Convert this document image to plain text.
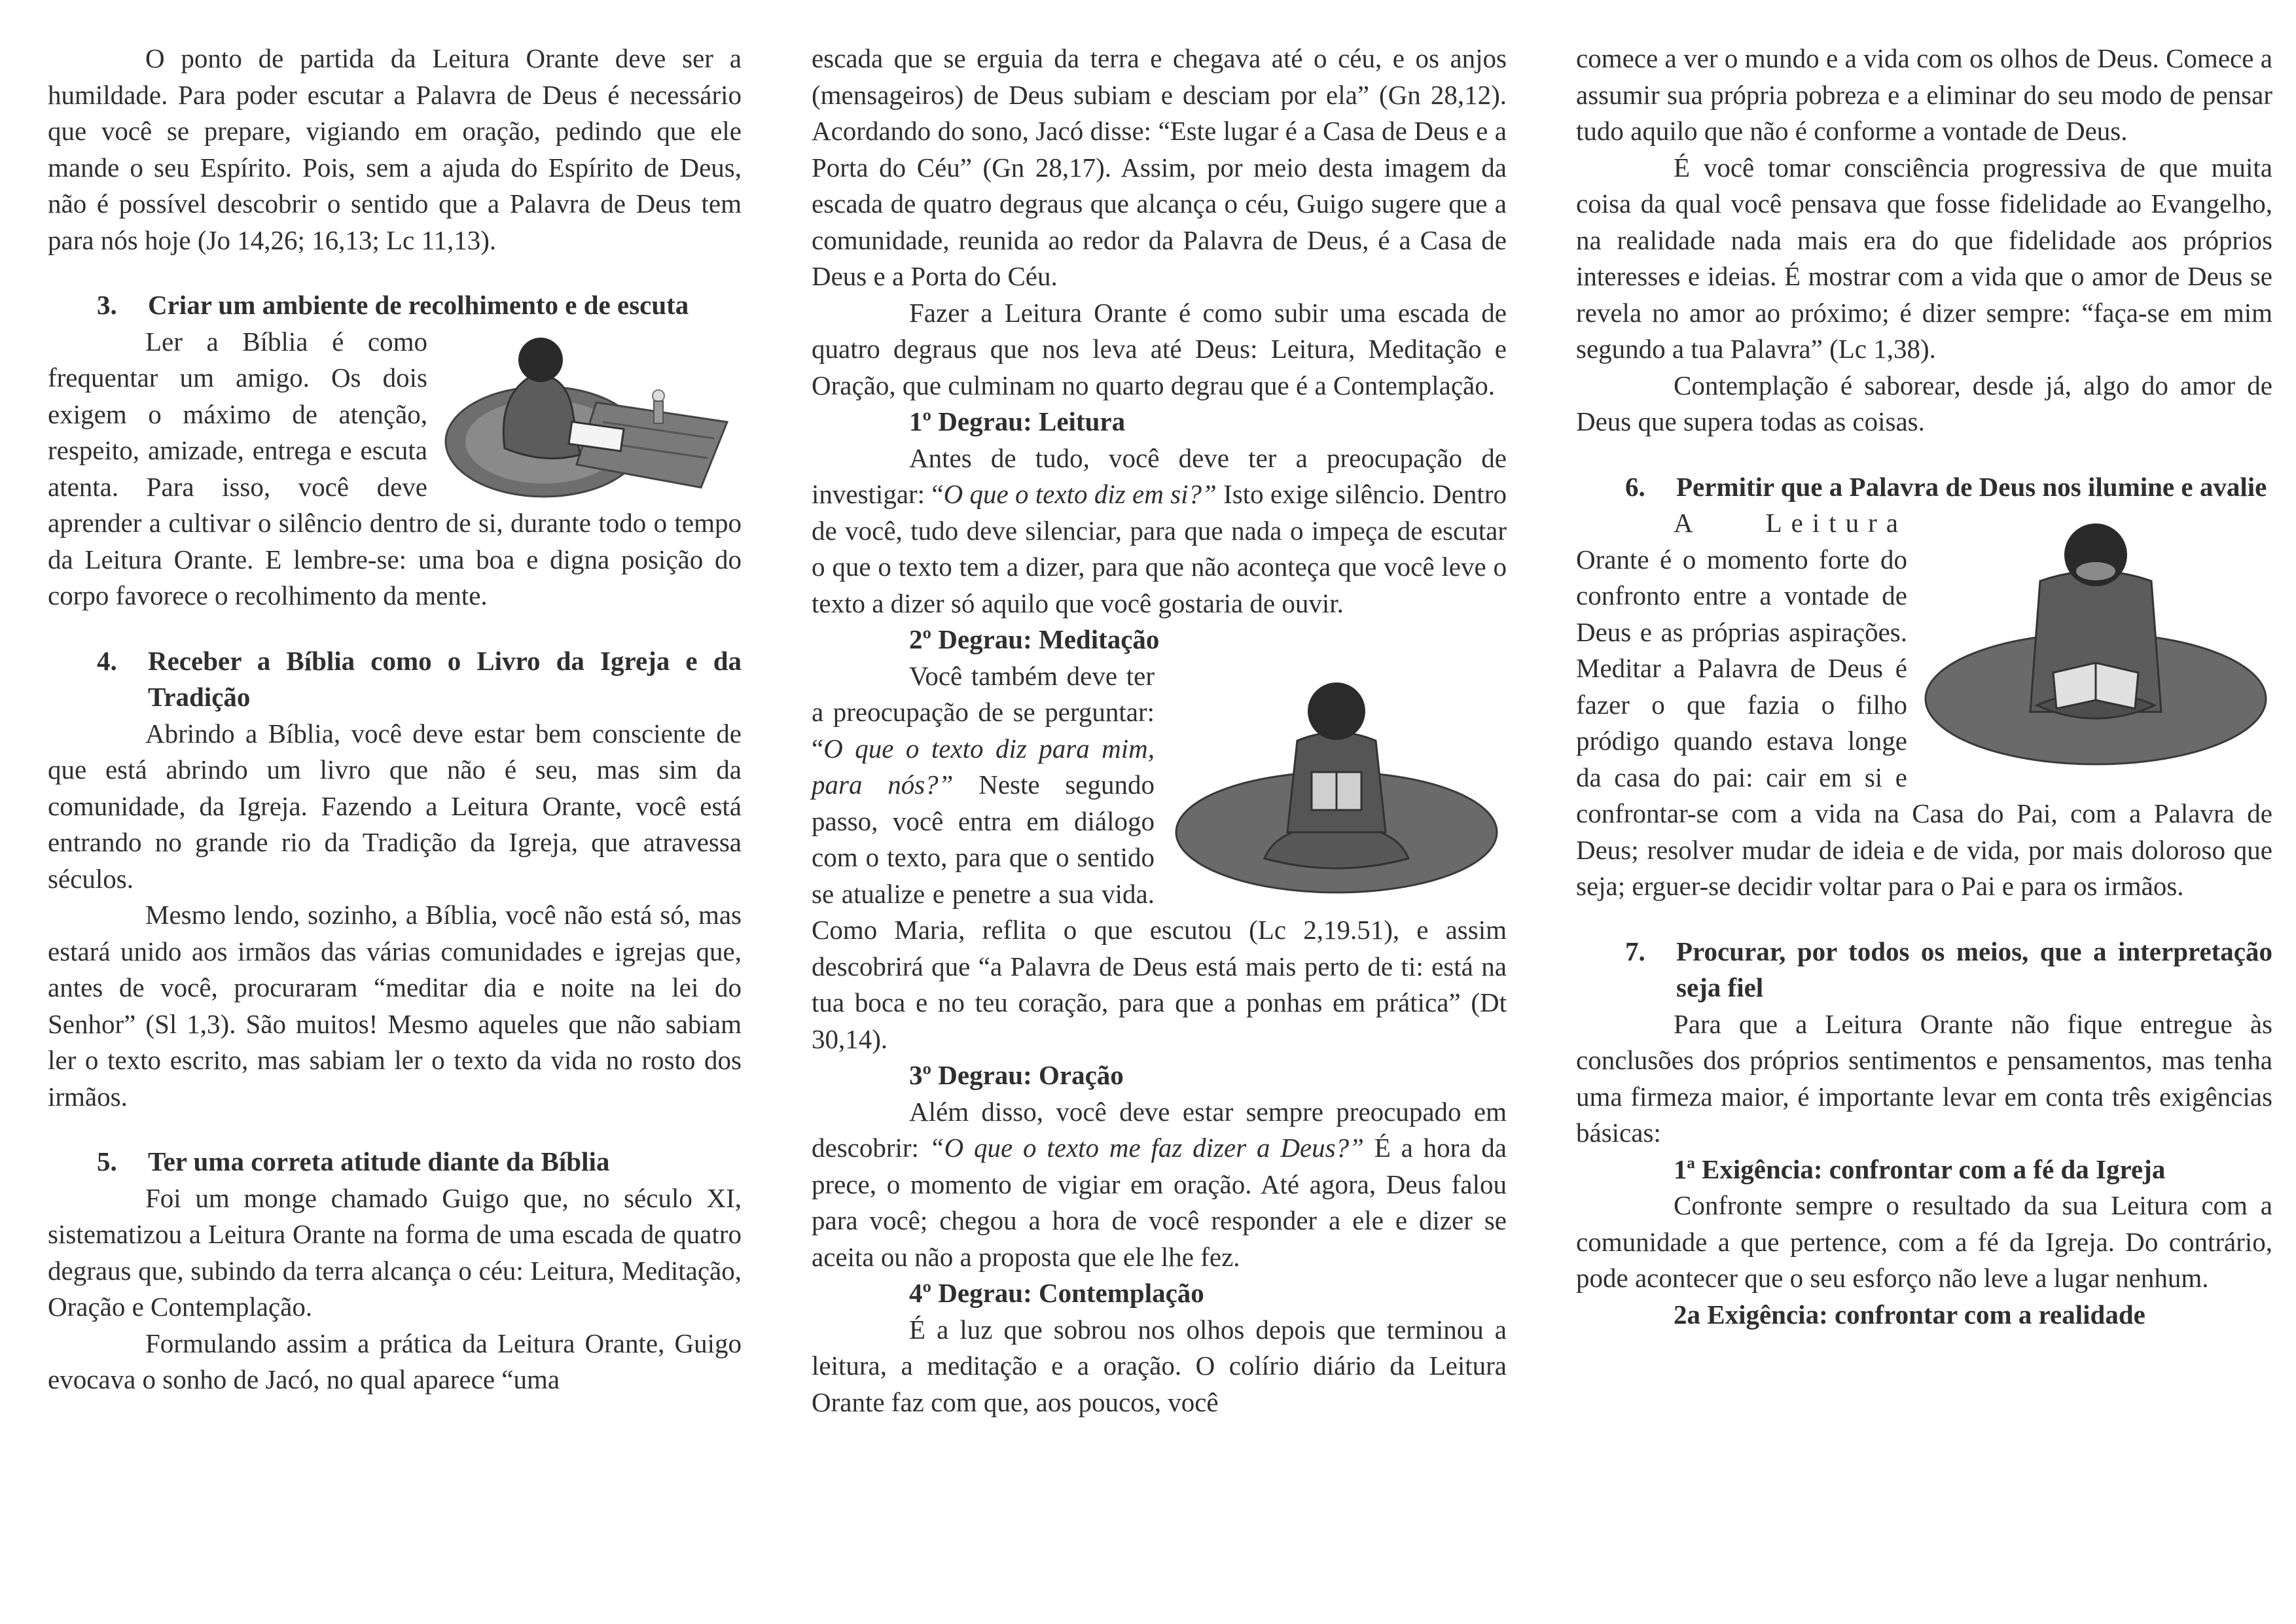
O ponto de partida da Leitura Orante deve ser a humildade. Para poder escutar a Palavra de Deus é necessário que você se prepare, vigiando em oração, pedindo que ele mande o seu Espírito. Pois, sem a ajuda do Espírito de Deus, não é possível descobrir o sentido que a Palavra de Deus tem para nós hoje (Jo 14,26; 16,13; Lc 11,13).

3.	Criar um ambiente de recolhimento e de escuta

Ler a Bíblia é como frequentar um amigo. Os dois exigem o máximo de atenção, respeito, amizade, entrega e escuta atenta. Para isso, você deve aprender a cultivar o silêncio dentro de si, durante todo o tempo da Leitura Orante. E lembre-se: uma boa e digna posição do corpo favorece o recolhimento da mente.

4.	Receber a Bíblia como o Livro da Igreja e da Tradição

Abrindo a Bíblia, você deve estar bem consciente de que está abrindo um livro que não é seu, mas sim da comunidade, da Igreja. Fazendo a Leitura Orante, você está entrando no grande rio da Tradição da Igreja, que atravessa séculos.

Mesmo lendo, sozinho, a Bíblia, você não está só, mas estará unido aos irmãos das várias comunidades e igrejas que, antes de você, procuraram “meditar dia e noite na lei do Senhor” (Sl 1,3). São muitos! Mesmo aqueles que não sabiam ler o texto escrito, mas sabiam ler o texto da vida no rosto dos irmãos.

5.	Ter uma correta atitude diante da Bíblia

Foi um monge chamado Guigo que, no século XI, sistematizou a Leitura Orante na forma de uma escada de quatro degraus que, subindo da terra alcança o céu: Leitura, Meditação, Oração e Contemplação.

Formulando assim a prática da Leitura Orante, Guigo evocava o sonho de Jacó, no qual aparece “uma

escada que se erguia da terra e chegava até o céu, e os anjos (mensageiros) de Deus subiam e desciam por ela” (Gn 28,12). Acordando do sono, Jacó disse: “Este lugar é a Casa de Deus e a Porta do Céu” (Gn 28,17). Assim, por meio desta imagem da escada de quatro degraus que alcança o céu, Guigo sugere que a comunidade, reunida ao redor da Palavra de Deus, é a Casa de Deus e a Porta do Céu.

Fazer a Leitura Orante é como subir uma escada de quatro degraus que nos leva até Deus: Leitura, Meditação e Oração, que culminam no quarto degrau que é a Contemplação.

1º Degrau: Leitura

Antes de tudo, você deve ter a preocupação de investigar: “O que o texto diz em si?” Isto exige silêncio. Dentro de você, tudo deve silenciar, para que nada o impeça de escutar o que o texto tem a dizer, para que não aconteça que você leve o texto a dizer só aquilo que você gostaria de ouvir.

2º Degrau: Meditação

Você também deve ter a preocupação de se perguntar: “O que o texto diz para mim, para nós?” Neste segundo passo, você entra em diálogo com o texto, para que o sentido se atualize e penetre a sua vida. Como Maria, reflita o que escutou (Lc 2,19.51), e assim descobrirá que “a Palavra de Deus está mais perto de ti: está na tua boca e no teu coração, para que a ponhas em prática” (Dt 30,14).

3º Degrau: Oração

Além disso, você deve estar sempre preocupado em descobrir: “O que o texto me faz dizer a Deus?” É a hora da prece, o momento de vigiar em oração. Até agora, Deus falou para você; chegou a hora de você responder a ele e dizer se aceita ou não a proposta que ele lhe fez.

4º Degrau: Contemplação

É a luz que sobrou nos olhos depois que terminou a leitura, a meditação e a oração. O colírio diário da Leitura Orante faz com que, aos poucos, você

comece a ver o mundo e a vida com os olhos de Deus. Comece a assumir sua própria pobreza e a eliminar do seu modo de pensar tudo aquilo que não é conforme a vontade de Deus.

É você tomar consciência progressiva de que muita coisa da qual você pensava que fosse fidelidade ao Evangelho, na realidade nada mais era do que fidelidade aos próprios interesses e ideias. É mostrar com a vida que o amor de Deus se revela no amor ao próximo; é dizer sempre: “faça-se em mim segundo a tua Palavra” (Lc 1,38).

Contemplação é saborear, desde já, algo do amor de Deus que supera todas as coisas.

6.	Permitir que a Palavra de Deus nos ilumine e avalie

A Leitura Orante é o momento forte do confronto entre a vontade de Deus e as próprias aspirações. Meditar a Palavra de Deus é fazer o que fazia o filho pródigo quando estava longe da casa do pai: cair em si e confrontar-se com a vida na Casa do Pai, com a Palavra de Deus; resolver mudar de ideia e de vida, por mais doloroso que seja; erguer-se decidir voltar para o Pai e para os irmãos.

7.	Procurar, por todos os meios, que a interpretação seja fiel

Para que a Leitura Orante não fique entregue às conclusões dos próprios sentimentos e pensamentos, mas tenha uma firmeza maior, é importante levar em conta três exigências básicas:

1ª Exigência: confrontar com a fé da Igreja

Confronte sempre o resultado da sua Leitura com a comunidade a que pertence, com a fé da Igreja. Do contrário, pode acontecer que o seu esforço não leve a lugar nenhum.

2a Exigência: confrontar com a realidade
